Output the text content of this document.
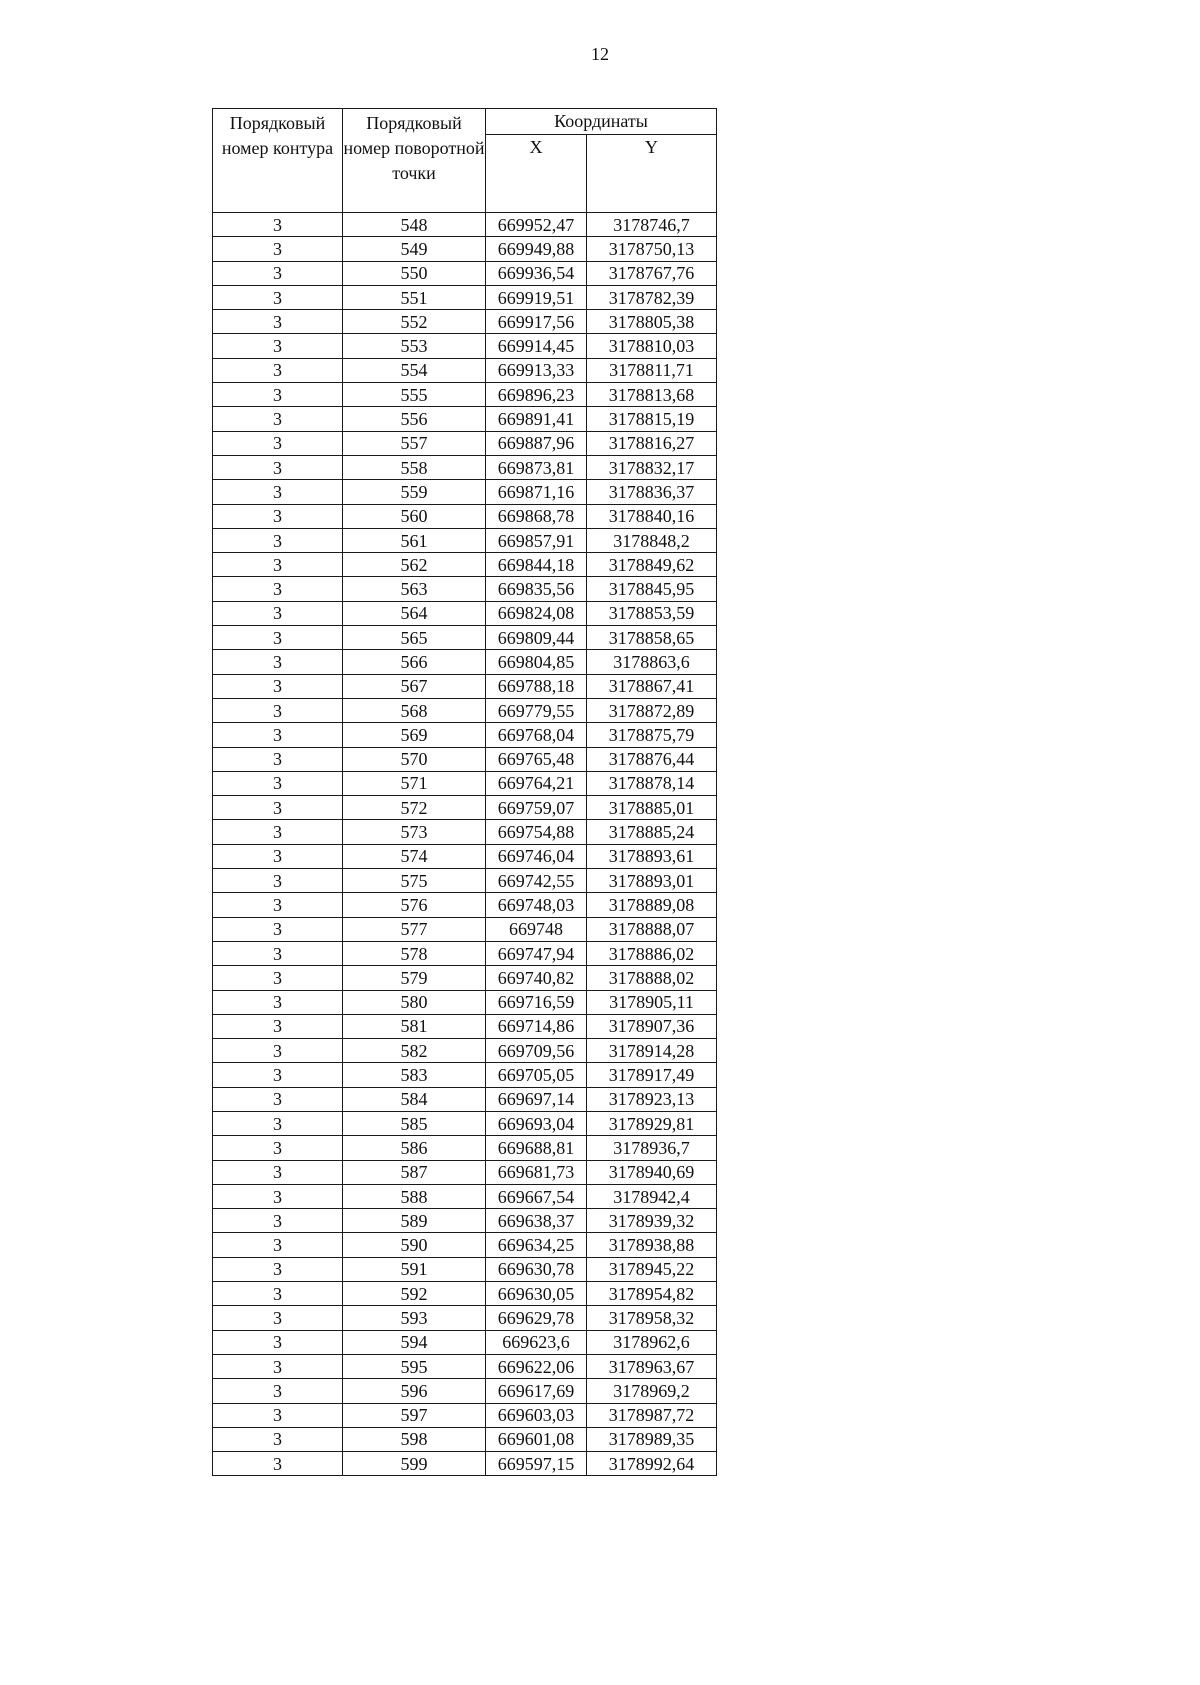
12
Порядковый номер контура	Порядковый номер поворотной точки	Координаты	
		X	Y
3	548	669952,47	3178746,7
3	549	669949,88	3178750,13
3	550	669936,54	3178767,76
3	551	669919,51	3178782,39
3	552	669917,56	3178805,38
3	553	669914,45	3178810,03
3	554	669913,33	3178811,71
3	555	669896,23	3178813,68
3	556	669891,41	3178815,19
3	557	669887,96	3178816,27
3	558	669873,81	3178832,17
3	559	669871,16	3178836,37
3	560	669868,78	3178840,16
3	561	669857,91	3178848,2
3	562	669844,18	3178849,62
3	563	669835,56	3178845,95
3	564	669824,08	3178853,59
3	565	669809,44	3178858,65
3	566	669804,85	3178863,6
3	567	669788,18	3178867,41
3	568	669779,55	3178872,89
3	569	669768,04	3178875,79
3	570	669765,48	3178876,44
3	571	669764,21	3178878,14
3	572	669759,07	3178885,01
3	573	669754,88	3178885,24
3	574	669746,04	3178893,61
3	575	669742,55	3178893,01
3	576	669748,03	3178889,08
3	577	669748	3178888,07
3	578	669747,94	3178886,02
3	579	669740,82	3178888,02
3	580	669716,59	3178905,11
3	581	669714,86	3178907,36
3	582	669709,56	3178914,28
3	583	669705,05	3178917,49
3	584	669697,14	3178923,13
3	585	669693,04	3178929,81
3	586	669688,81	3178936,7
3	587	669681,73	3178940,69
3	588	669667,54	3178942,4
3	589	669638,37	3178939,32
3	590	669634,25	3178938,88
3	591	669630,78	3178945,22
3	592	669630,05	3178954,82
3	593	669629,78	3178958,32
3	594	669623,6	3178962,6
3	595	669622,06	3178963,67
3	596	669617,69	3178969,2
3	597	669603,03	3178987,72
3	598	669601,08	3178989,35
3	599	669597,15	3178992,64
